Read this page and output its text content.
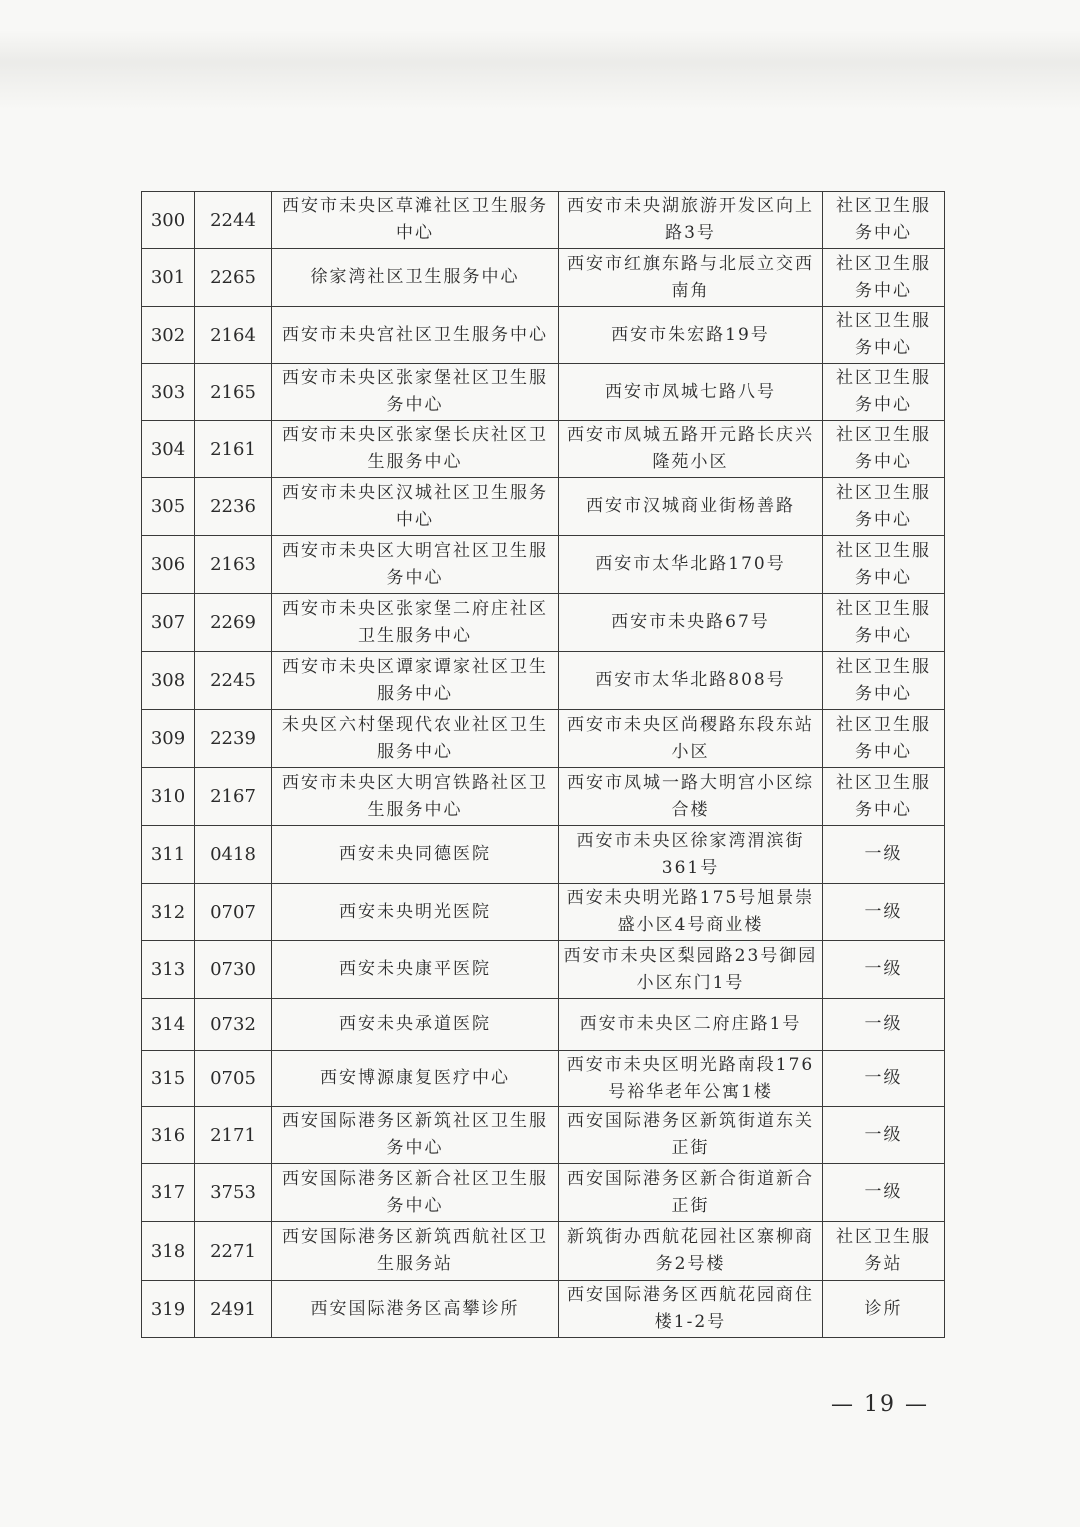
300	2244	西安市未央区草滩社区卫生服务中心	西安市未央湖旅游开发区向上路3号	社区卫生服务中心
301	2265	徐家湾社区卫生服务中心	西安市红旗东路与北辰立交西南角	社区卫生服务中心
302	2164	西安市未央宫社区卫生服务中心	西安市朱宏路19号	社区卫生服务中心
303	2165	西安市未央区张家堡社区卫生服务中心	西安市凤城七路八号	社区卫生服务中心
304	2161	西安市未央区张家堡长庆社区卫生服务中心	西安市凤城五路开元路长庆兴隆苑小区	社区卫生服务中心
305	2236	西安市未央区汉城社区卫生服务中心	西安市汉城商业街杨善路	社区卫生服务中心
306	2163	西安市未央区大明宫社区卫生服务中心	西安市太华北路170号	社区卫生服务中心
307	2269	西安市未央区张家堡二府庄社区卫生服务中心	西安市未央路67号	社区卫生服务中心
308	2245	西安市未央区谭家谭家社区卫生服务中心	西安市太华北路808号	社区卫生服务中心
309	2239	未央区六村堡现代农业社区卫生服务中心	西安市未央区尚稷路东段东站小区	社区卫生服务中心
310	2167	西安市未央区大明宫铁路社区卫生服务中心	西安市凤城一路大明宫小区综合楼	社区卫生服务中心
311	0418	西安未央同德医院	西安市未央区徐家湾渭滨街361号	一级
312	0707	西安未央明光医院	西安未央明光路175号旭景崇盛小区4号商业楼	一级
313	0730	西安未央康平医院	西安市未央区梨园路23号御园小区东门1号	一级
314	0732	西安未央承道医院	西安市未央区二府庄路1号	一级
315	0705	西安博源康复医疗中心	西安市未央区明光路南段176号裕华老年公寓1楼	一级
316	2171	西安国际港务区新筑社区卫生服务中心	西安国际港务区新筑街道东关正街	一级
317	3753	西安国际港务区新合社区卫生服务中心	西安国际港务区新合街道新合正街	一级
318	2271	西安国际港务区新筑西航社区卫生服务站	新筑街办西航花园社区寨柳商务2号楼	社区卫生服务站
319	2491	西安国际港务区高攀诊所	西安国际港务区西航花园商住楼1-2号	诊所
— 19 —
